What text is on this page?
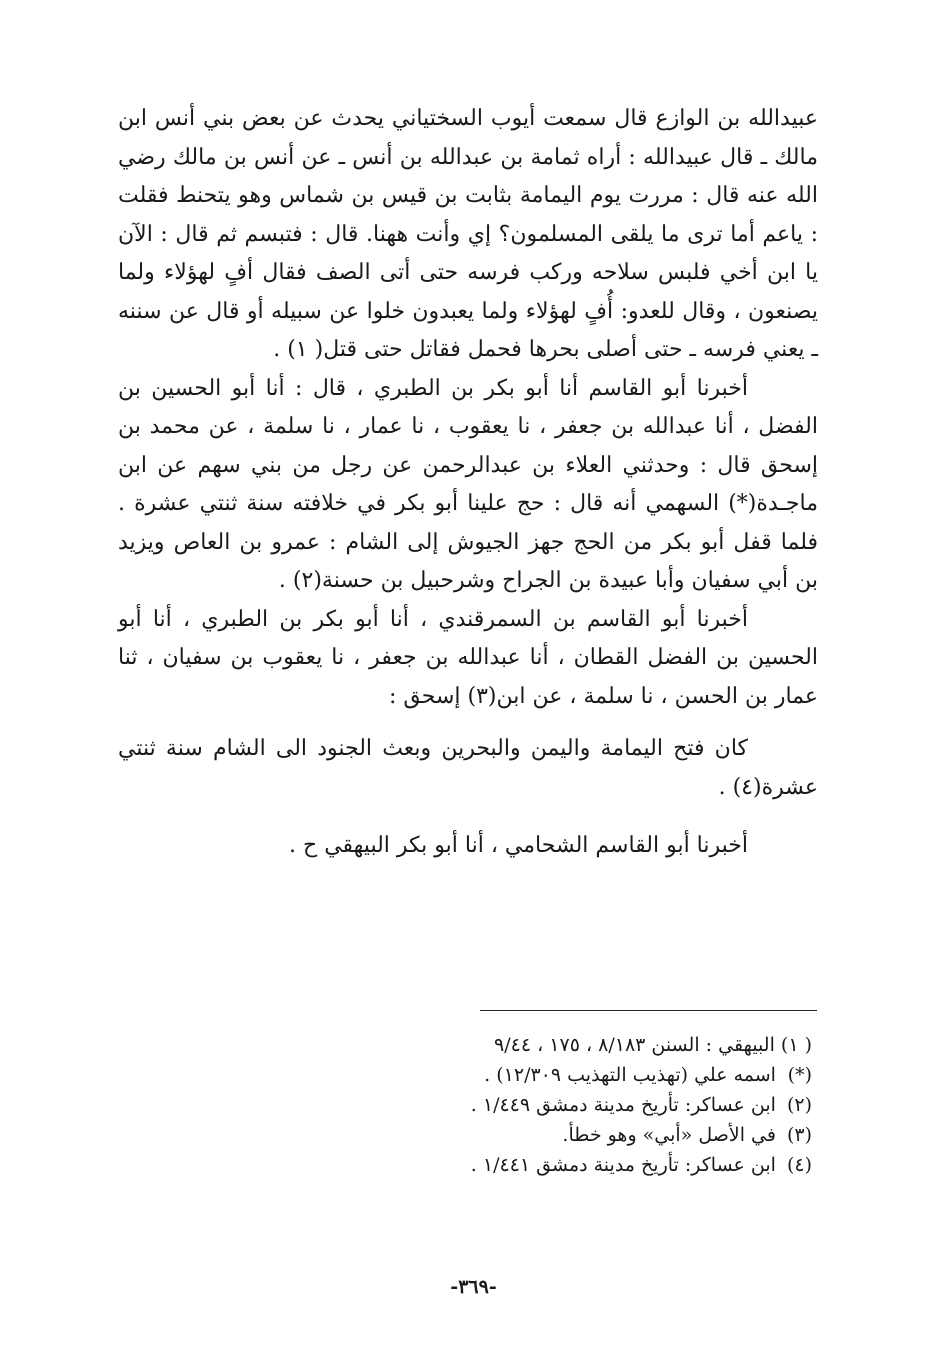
عبيدالله بن الوازع قال سمعت أيوب السختياني يحدث عن بعض بني أنس ابن مالك ـ قال عبيدالله : أراه ثمامة بن عبدالله بن أنس ـ عن أنس بن مالك رضي الله عنه قال : مررت يوم اليمامة بثابت بن قيس بن شماس وهو يتحنط فقلت : ياعم أما ترى ما يلقى المسلمون؟ إي وأنت ههنا. قال : فتبسم ثم قال : الآن يا ابن أخي فلبس سلاحه وركب فرسه حتى أتى الصف فقال أفٍ لهؤلاء ولما يصنعون ، وقال للعدو: أُفٍ لهؤلاء ولما يعبدون خلوا عن سبيله أو قال عن سننه ـ يعني فرسه ـ حتى أصلى بحرها فحمل فقاتل حتى قتل( ١) .

أخبرنا أبو القاسم أنا أبو بكر بن الطبري ، قال : أنا أبو الحسين بن الفضل ، أنا عبدالله بن جعفر ، نا يعقوب ، نا عمار ، نا سلمة ، عن محمد بن إسحق قال : وحدثني العلاء بن عبدالرحمن عن رجل من بني سهم عن ابن ماجـدة(*) السهمي أنه قال : حج علينا أبو بكر في خلافته سنة ثنتي عشرة . فلما قفل أبو بكر من الحج جهز الجيوش إلى الشام : عمرو بن العاص ويزيد بن أبي سفيان وأبا عبيدة بن الجراح وشرحبيل بن حسنة(٢) .

أخبرنا أبو القاسم بن السمرقندي ، أنا أبو بكر بن الطبري ، أنا أبو الحسين بن الفضل القطان ، أنا عبدالله بن جعفر ، نا يعقوب بن سفيان ، ثنا عمار بن الحسن ، نا سلمة ، عن ابن(٣) إسحق :

كان فتح اليمامة واليمن والبحرين وبعث الجنود الى الشام سنة ثنتي عشرة(٤) .

أخبرنا أبو القاسم الشحامي ، أنا أبو بكر البيهقي ح .

( ١) البيهقي : السنن ٨/١٨٣ ، ١٧٥ ، ٩/٤٤

(*) اسمه علي (تهذيب التهذيب ١٢/٣٠٩) .

(٢) ابن عساكر: تأريخ مدينة دمشق ١/٤٤٩ .

(٣) في الأصل «أبي» وهو خطأ.

(٤) ابن عساكر: تأريخ مدينة دمشق ١/٤٤١ .

-٣٦٩-
